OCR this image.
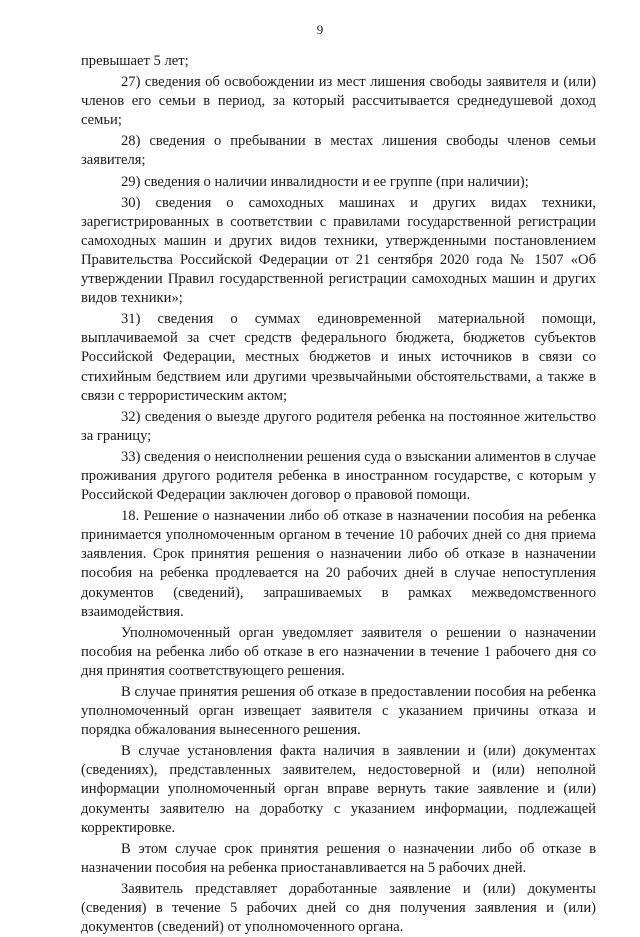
9

превышает 5 лет;

27) сведения об освобождении из мест лишения свободы заявителя и (или) членов его семьи в период, за который рассчитывается среднедушевой доход семьи;

28) сведения о пребывании в местах лишения свободы членов семьи заявителя;

29) сведения о наличии инвалидности и ее группе (при наличии);

30) сведения о самоходных машинах и других видах техники, зарегистрированных в соответствии с правилами государственной регистрации самоходных машин и других видов техники, утвержденными постановлением Правительства Российской Федерации от 21 сентября 2020 года № 1507 «Об утверждении Правил государственной регистрации самоходных машин и других видов техники»;

31) сведения о суммах единовременной материальной помощи, выплачиваемой за счет средств федерального бюджета, бюджетов субъектов Российской Федерации, местных бюджетов и иных источников в связи со стихийным бедствием или другими чрезвычайными обстоятельствами, а также в связи с террористическим актом;

32) сведения о выезде другого родителя ребенка на постоянное жительство за границу;

33) сведения о неисполнении решения суда о взыскании алиментов в случае проживания другого родителя ребенка в иностранном государстве, с которым у Российской Федерации заключен договор о правовой помощи.

18. Решение о назначении либо об отказе в назначении пособия на ребенка принимается уполномоченным органом в течение 10 рабочих дней со дня приема заявления. Срок принятия решения о назначении либо об отказе в назначении пособия на ребенка продлевается на 20 рабочих дней в случае непоступления документов (сведений), запрашиваемых в рамках межведомственного взаимодействия.

Уполномоченный орган уведомляет заявителя о решении о назначении пособия на ребенка либо об отказе в его назначении в течение 1 рабочего дня со дня принятия соответствующего решения.

В случае принятия решения об отказе в предоставлении пособия на ребенка уполномоченный орган извещает заявителя с указанием причины отказа и порядка обжалования вынесенного решения.

В случае установления факта наличия в заявлении и (или) документах (сведениях), представленных заявителем, недостоверной и (или) неполной информации уполномоченный орган вправе вернуть такие заявление и (или) документы заявителю на доработку с указанием информации, подлежащей корректировке.

В этом случае срок принятия решения о назначении либо об отказе в назначении пособия на ребенка приостанавливается на 5 рабочих дней.

Заявитель представляет доработанные заявление и (или) документы (сведения) в течение 5 рабочих дней со дня получения заявления и (или) документов (сведений) от уполномоченного органа.
